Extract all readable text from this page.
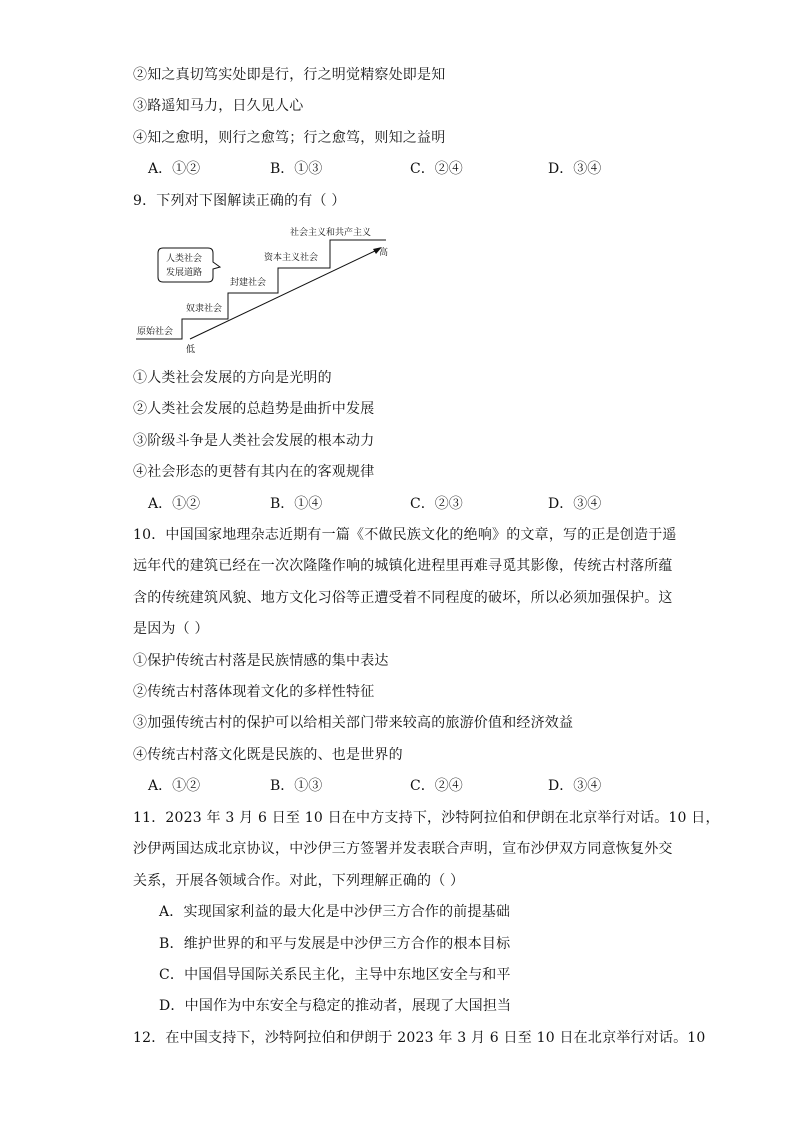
②知之真切笃实处即是行，行之明觉精察处即是知
③路遥知马力，日久见人心
④知之愈明，则行之愈笃；行之愈笃，则知之益明
A．①②	B．①③	C．②④	D．③④
9．下列对下图解读正确的有（ ）
原始社会
奴隶社会
封建社会
资本主义社会
社会主义和共产主义
低
高
人类社会
发展道路
①人类社会发展的方向是光明的
②人类社会发展的总趋势是曲折中发展
③阶级斗争是人类社会发展的根本动力
④社会形态的更替有其内在的客观规律
A．①②	B．①④	C．②③	D．③④
10．中国国家地理杂志近期有一篇《不做民族文化的绝响》的文章，写的正是创造于遥
远年代的建筑已经在一次次隆隆作响的城镇化进程里再难寻觅其影像，传统古村落所蕴
含的传统建筑风貌、地方文化习俗等正遭受着不同程度的破坏，所以必须加强保护。这
是因为（ ）
①保护传统古村落是民族情感的集中表达
②传统古村落体现着文化的多样性特征
③加强传统古村的保护可以给相关部门带来较高的旅游价值和经济效益
④传统古村落文化既是民族的、也是世界的
A．①②	B．①③	C．②④	D．③④
11．2023 年 3 月 6 日至 10 日在中方支持下，沙特阿拉伯和伊朗在北京举行对话。10 日，
沙伊两国达成北京协议，中沙伊三方签署并发表联合声明，宣布沙伊双方同意恢复外交
关系，开展各领域合作。对此，下列理解正确的（ ）
A．实现国家利益的最大化是中沙伊三方合作的前提基础
B．维护世界的和平与发展是中沙伊三方合作的根本目标
C．中国倡导国际关系民主化，主导中东地区安全与和平
D．中国作为中东安全与稳定的推动者，展现了大国担当
12．在中国支持下，沙特阿拉伯和伊朗于 2023 年 3 月 6 日至 10 日在北京举行对话。10
